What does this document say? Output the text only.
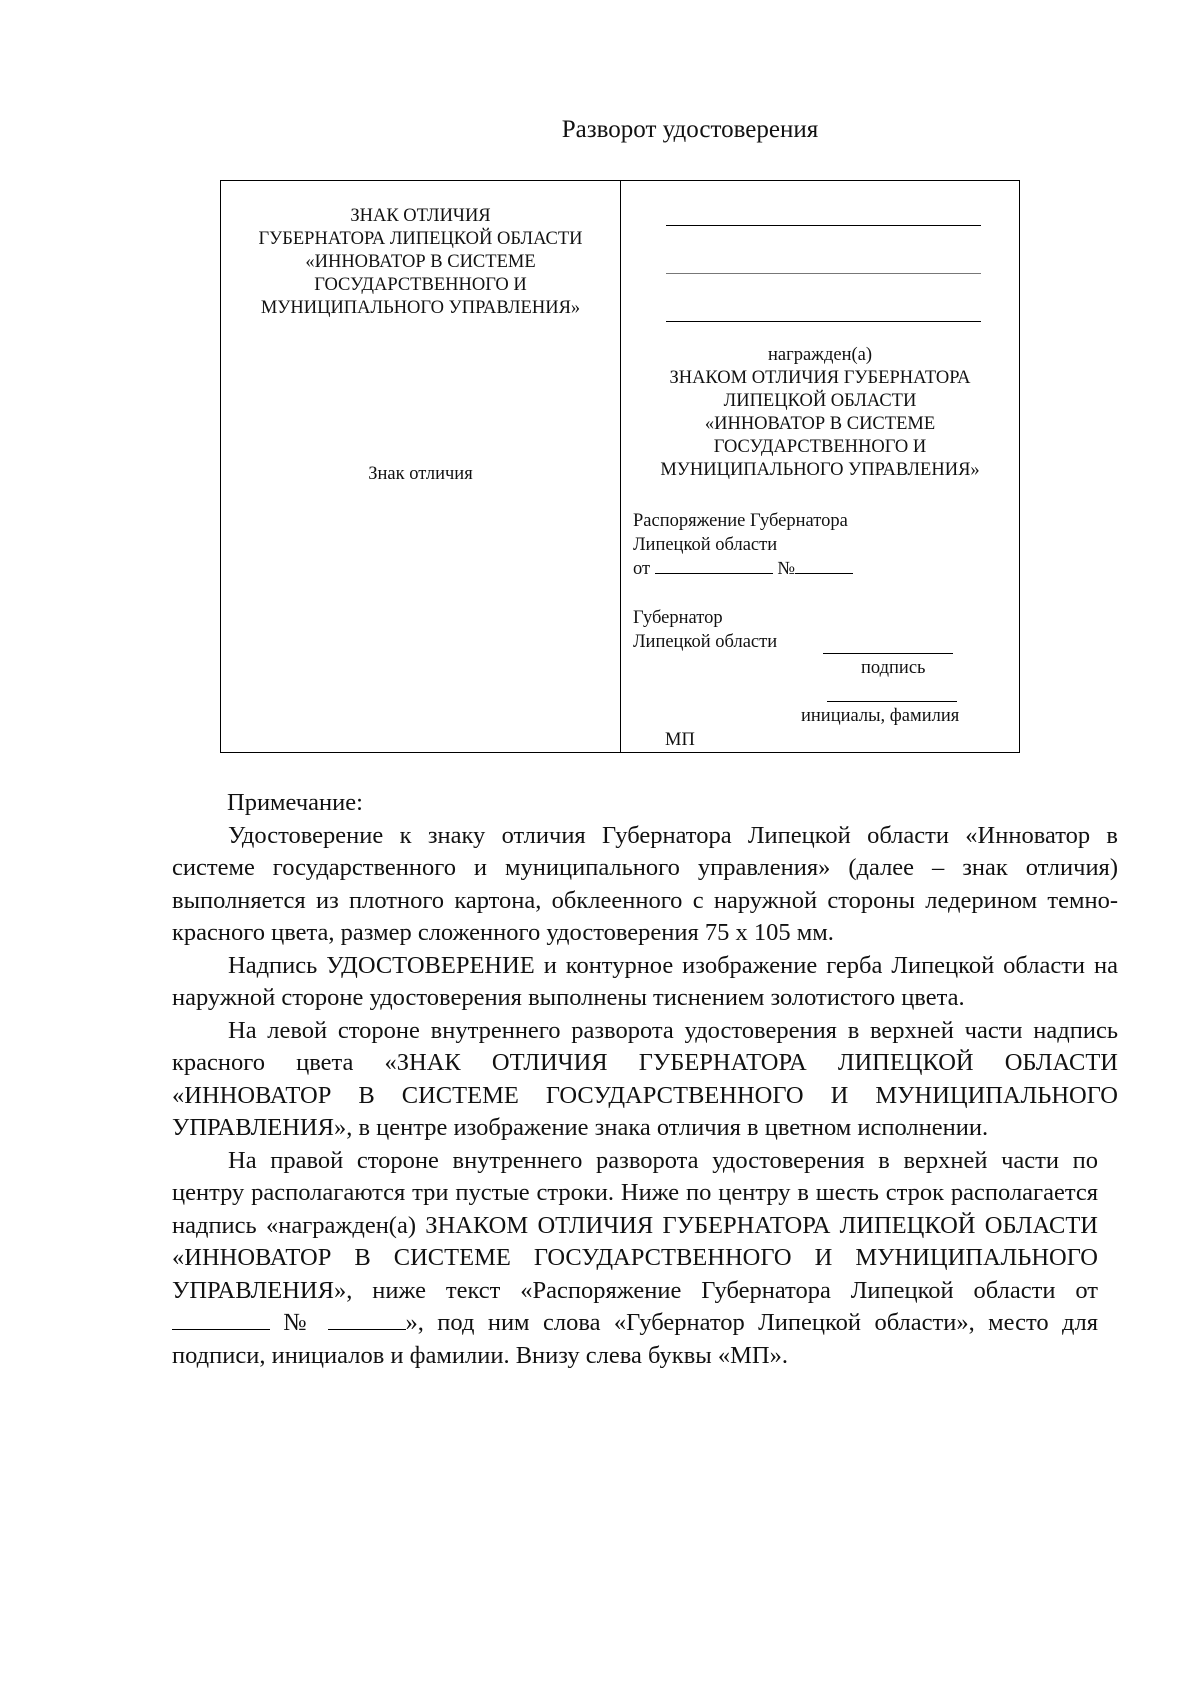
Разворот удостоверения
ЗНАК ОТЛИЧИЯ
ГУБЕРНАТОРА ЛИПЕЦКОЙ ОБЛАСТИ
«ИННОВАТОР В СИСТЕМЕ
ГОСУДАРСТВЕННОГО И
МУНИЦИПАЛЬНОГО УПРАВЛЕНИЯ»
Знак отличия
награжден(а)
ЗНАКОМ ОТЛИЧИЯ ГУБЕРНАТОРА
ЛИПЕЦКОЙ ОБЛАСТИ
«ИННОВАТОР В СИСТЕМЕ
ГОСУДАРСТВЕННОГО И
МУНИЦИПАЛЬНОГО УПРАВЛЕНИЯ»
Распоряжение Губернатора
Липецкой области
от	№
Губернатор
Липецкой области
подпись
инициалы, фамилия
МП

Примечание:

Удостоверение к знаку отличия Губернатора Липецкой области «Инноватор в системе государственного и муниципального управления» (далее – знак отличия) выполняется из плотного картона, обклеенного с наружной стороны ледерином темно-красного цвета, размер сложенного удостоверения 75 x 105 мм.

Надпись УДОСТОВЕРЕНИЕ и контурное изображение герба Липецкой области на наружной стороне удостоверения выполнены тиснением золотистого цвета.

На левой стороне внутреннего разворота удостоверения в верхней части надпись красного цвета «ЗНАК ОТЛИЧИЯ ГУБЕРНАТОРА ЛИПЕЦКОЙ ОБЛАСТИ «ИННОВАТОР В СИСТЕМЕ ГОСУДАРСТВЕННОГО И МУНИЦИПАЛЬНОГО УПРАВЛЕНИЯ», в центре изображение знака отличия в цветном исполнении.

На правой стороне внутреннего разворота удостоверения в верхней части по центру располагаются три пустые строки. Ниже по центру в шесть строк располагается надпись «награжден(а) ЗНАКОМ ОТЛИЧИЯ ГУБЕРНАТОРА ЛИПЕЦКОЙ ОБЛАСТИ «ИННОВАТОР В СИСТЕМЕ ГОСУДАРСТВЕННОГО И МУНИЦИПАЛЬНОГО УПРАВЛЕНИЯ», ниже текст «Распоряжение Губернатора Липецкой области от  №	», под ним слова «Губернатор Липецкой области», место для подписи, инициалов и фамилии. Внизу слева буквы «МП».
